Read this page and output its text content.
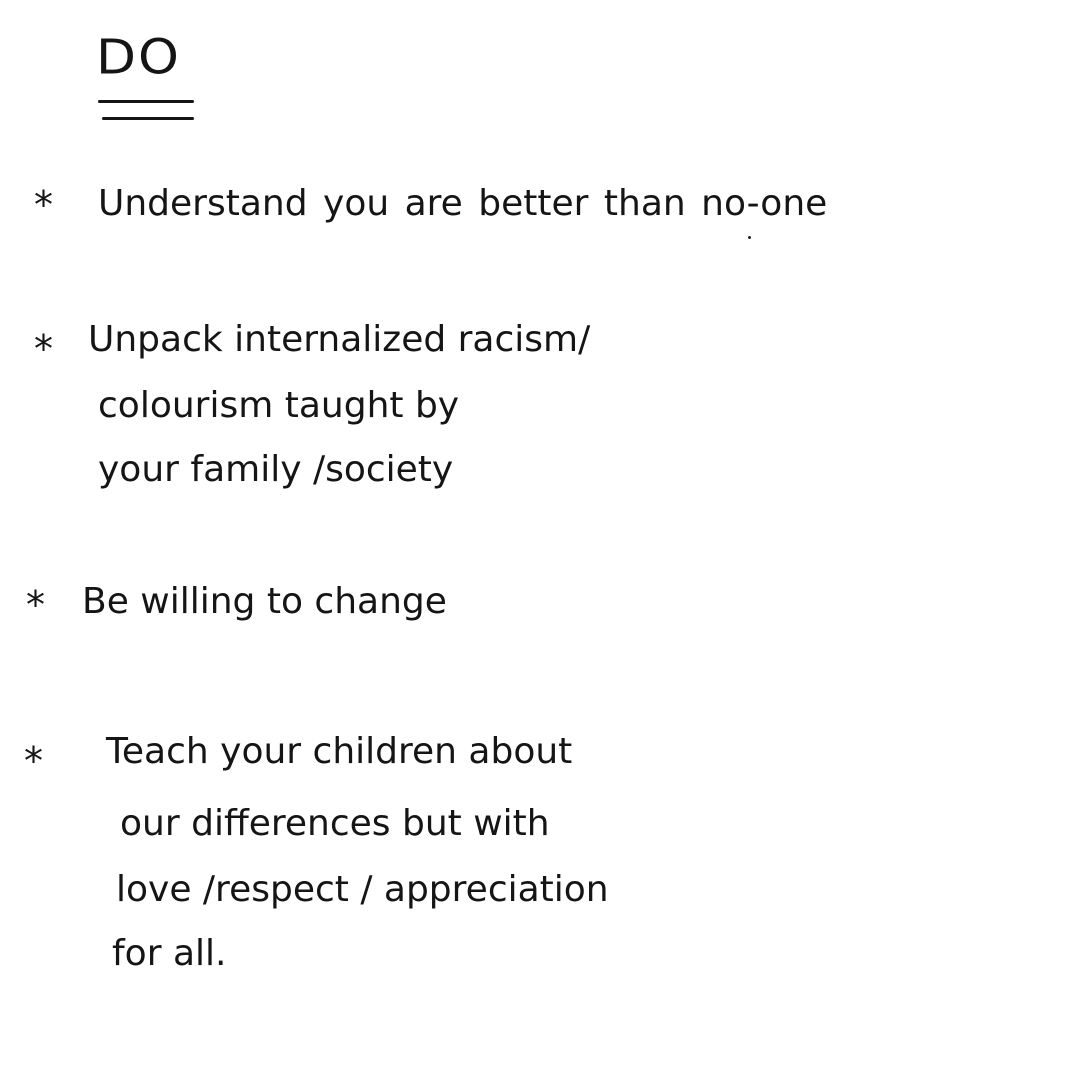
DO
* Understand you are better than no-one
* Unpack internalized racism/
colourism taught by
your family /society
* Be willing to change
* Teach your children about
our differences but with
love /respect / appreciation
for all.
